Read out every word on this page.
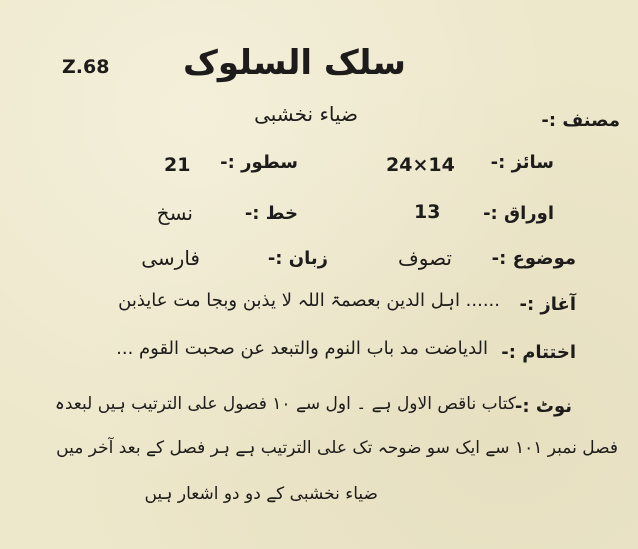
Z.68 سلک السلوک
مصنف :-
ضیاء نخشبی
سائز :-
24×14
سطور :-
21
اوراق :-
13
خط :-
نسخ
موضوع :-
تصوف
زبان :-
فارسی
آغاز :-
...... اہل الدین بعصمۃ اللہ لا یذبن وبجا مت عایذبن
اختتام :-
الدیاضت مد باب النوم والتبعد عن صحبت القوم ...
نوٹ :-
کتاب ناقص الاول ہے ۔ اول سے ۱۰ فصول علی الترتیب ہیں لبعدہ
فصل نمبر ۱۰۱ سے ایک سو ضوحہ تک علی الترتیب ہے ہر فصل کے بعد آخر میں
ضیاء نخشبی کے دو دو اشعار ہیں
